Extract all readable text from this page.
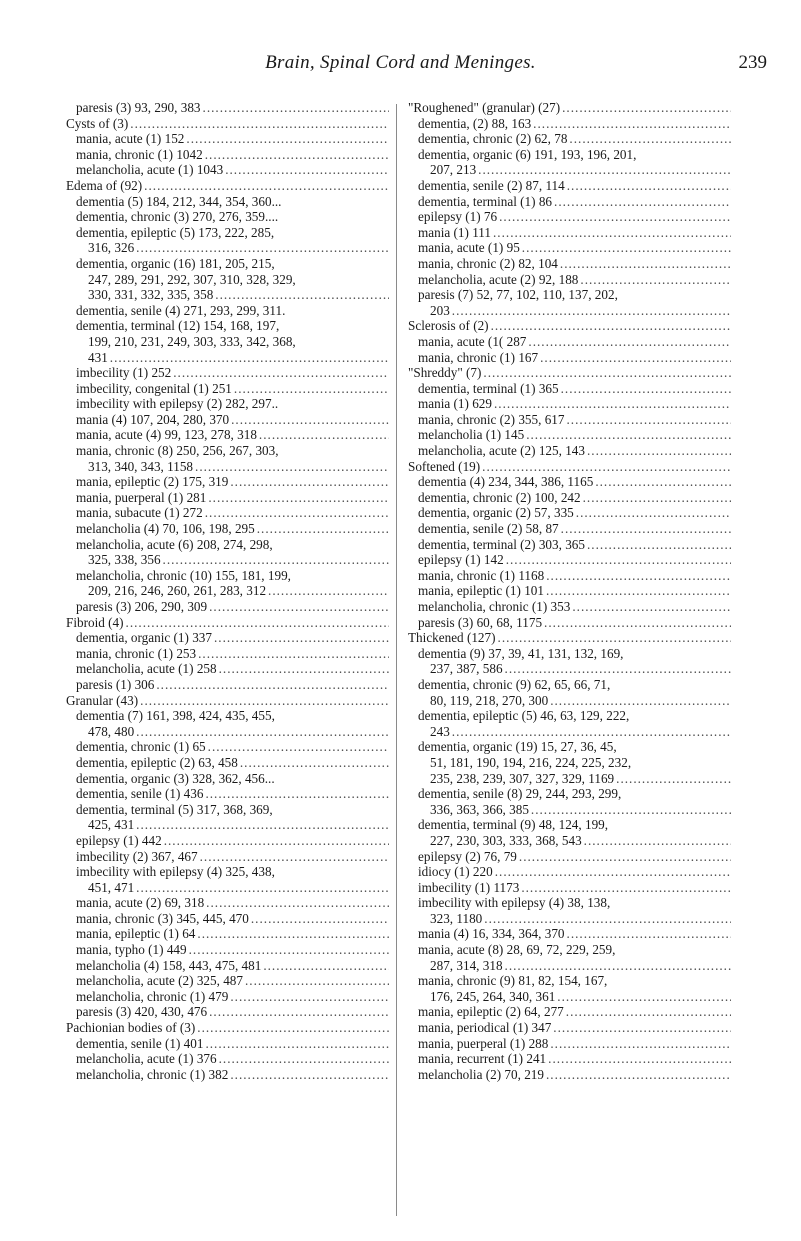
Brain, Spinal Cord and Meninges.	239
paresis (3) 93, 290, 383
.....
Cysts of (3)
.....
mania, acute (1) 152
.....
mania, chronic (1) 1042
.....
melancholia, acute (1) 1043
.....
Edema of (92)
.....
dementia (5) 184, 212, 344, 354, 360...
dementia, chronic (3) 270, 276, 359....
dementia, epileptic (5) 173, 222, 285,
316, 326
.....
dementia, organic (16) 181, 205, 215,
247, 289, 291, 292, 307, 310, 328, 329,
330, 331, 332, 335, 358
.....
dementia, senile (4) 271, 293, 299, 311.
dementia, terminal (12) 154, 168, 197,
199, 210, 231, 249, 303, 333, 342, 368,
431
.....
imbecility (1) 252
.....
imbecility, congenital (1) 251
.....
imbecility with epilepsy (2) 282, 297..
mania (4) 107, 204, 280, 370
.....
mania, acute (4) 99, 123, 278, 318
.....
mania, chronic (8) 250, 256, 267, 303,
313, 340, 343, 1158
.....
mania, epileptic (2) 175, 319
.....
mania, puerperal (1) 281
.....
mania, subacute (1) 272
.....
melancholia (4) 70, 106, 198, 295
.....
melancholia, acute (6) 208, 274, 298,
325, 338, 356
.....
melancholia, chronic (10) 155, 181, 199,
209, 216, 246, 260, 261, 283, 312
.....
paresis (3) 206, 290, 309
.....
Fibroid (4)
.....
dementia, organic (1) 337
.....
mania, chronic (1) 253
.....
melancholia, acute (1) 258
.....
paresis (1) 306
.....
Granular (43)
.....
dementia (7) 161, 398, 424, 435, 455,
478, 480
.....
dementia, chronic (1) 65
.....
dementia, epileptic (2) 63, 458
.....
dementia, organic (3) 328, 362, 456...
dementia, senile (1) 436
.....
dementia, terminal (5) 317, 368, 369,
425, 431
.....
epilepsy (1) 442
.....
imbecility (2) 367, 467
.....
imbecility with epilepsy (4) 325, 438,
451, 471
.....
mania, acute (2) 69, 318
.....
mania, chronic (3) 345, 445, 470
.....
mania, epileptic (1) 64
.....
mania, typho (1) 449
.....
melancholia (4) 158, 443, 475, 481
.....
melancholia, acute (2) 325, 487
.....
melancholia, chronic (1) 479
.....
paresis (3) 420, 430, 476
.....
Pachionian bodies of (3)
.....
dementia, senile (1) 401
.....
melancholia, acute (1) 376
.....
melancholia, chronic (1) 382
.....
"Roughened" (granular) (27)
.....
dementia, (2) 88, 163
.....
dementia, chronic (2) 62, 78
.....
dementia, organic (6) 191, 193, 196, 201,
207, 213
.....
dementia, senile (2) 87, 114
.....
dementia, terminal (1) 86
.....
epilepsy (1) 76
.....
mania (1) 111
.....
mania, acute (1) 95
.....
mania, chronic (2) 82, 104
.....
melancholia, acute (2) 92, 188
.....
paresis (7) 52, 77, 102, 110, 137, 202,
203
.....
Sclerosis of (2)
.....
mania, acute (1( 287
.....
mania, chronic (1) 167
.....
"Shreddy" (7)
.....
dementia, terminal (1) 365
.....
mania (1) 629
.....
mania, chronic (2) 355, 617
.....
melancholia (1) 145
.....
melancholia, acute (2) 125, 143
.....
Softened (19)
.....
dementia (4) 234, 344, 386, 1165
.....
dementia, chronic (2) 100, 242
.....
dementia, organic (2) 57, 335
.....
dementia, senile (2) 58, 87
.....
dementia, terminal (2) 303, 365
.....
epilepsy (1) 142
.....
mania, chronic (1) 1168
.....
mania, epileptic (1) 101
.....
melancholia, chronic (1) 353
.....
paresis (3) 60, 68, 1175
.....
Thickened (127)
.....
dementia (9) 37, 39, 41, 131, 132, 169,
237, 387, 586
.....
dementia, chronic (9) 62, 65, 66, 71,
80, 119, 218, 270, 300
.....
dementia, epileptic (5) 46, 63, 129, 222,
243
.....
dementia, organic (19) 15, 27, 36, 45,
51, 181, 190, 194, 216, 224, 225, 232,
235, 238, 239, 307, 327, 329, 1169
.....
dementia, senile (8) 29, 244, 293, 299,
336, 363, 366, 385
.....
dementia, terminal (9) 48, 124, 199,
227, 230, 303, 333, 368, 543
.....
epilepsy (2) 76, 79
.....
idiocy (1) 220
.....
imbecility (1) 1173
.....
imbecility with epilepsy (4) 38, 138,
323, 1180
.....
mania (4) 16, 334, 364, 370
.....
mania, acute (8) 28, 69, 72, 229, 259,
287, 314, 318
.....
mania, chronic (9) 81, 82, 154, 167,
176, 245, 264, 340, 361
.....
mania, epileptic (2) 64, 277
.....
mania, periodical (1) 347
.....
mania, puerperal (1) 288
.....
mania, recurrent (1) 241
.....
melancholia (2) 70, 219
.....
